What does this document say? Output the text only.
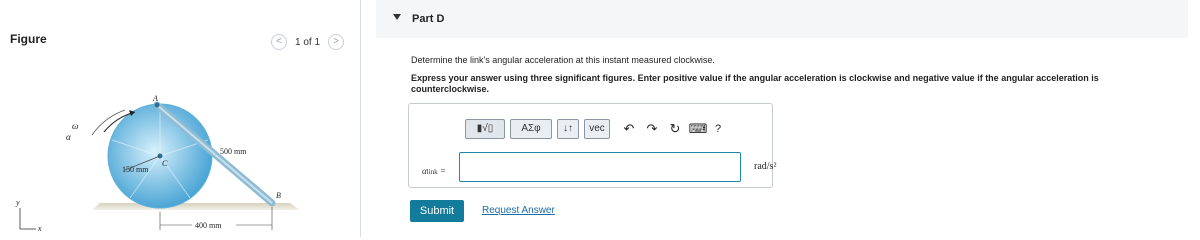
Figure	< 1 of 1 >
ω
α
A
C
B
500 mm
150 mm
400 mm
y
x
Part D
Determine the link's angular acceleration at this instant measured clockwise.
Express your answer using three significant figures. Enter positive value if the angular acceleration is clockwise and negative value if the angular acceleration is counterclockwise.
▮√▯	ΑΣφ ↓↑ vec	↶ ↷ ↻ ⌨ ?
αlink =	rad/s²
Submit	Request Answer
